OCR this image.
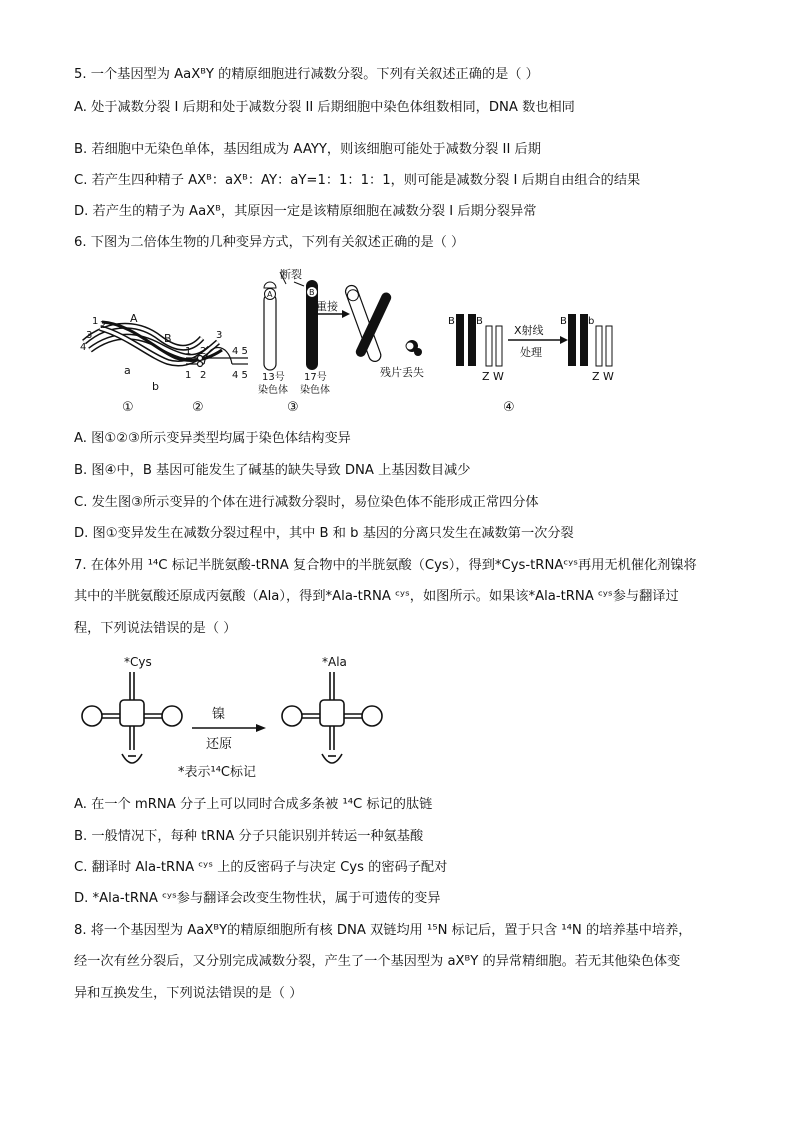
5. 一个基因型为 AaXᴮY 的精原细胞进行减数分裂。下列有关叙述正确的是（ ）
A. 处于减数分裂 I 后期和处于减数分裂 II 后期细胞中染色体组数相同，DNA 数也相同
B. 若细胞中无染色单体，基因组成为 AAYY，则该细胞可能处于减数分裂 II 后期
C. 若产生四种精子 AXᴮ：aXᴮ：AY：aY=1：1：1：1，则可能是减数分裂 I 后期自由组合的结果
D. 若产生的精子为 AaXᴮ，其原因一定是该精原细胞在减数分裂 I 后期分裂异常
6. 下图为二倍体生物的几种变异方式，下列有关叙述正确的是（ ）
1 2
3
4
A
B
a
b
1 2
3
4 5
1 2	4 5
断裂
A	B
重接
13号
染色体
17号
染色体
残片丢失
B B	B b
X射线
处理
Z W	Z W
①	②	③	④
A. 图①②③所示变异类型均属于染色体结构变异
B. 图④中，B 基因可能发生了碱基的缺失导致 DNA 上基因数目减少
C. 发生图③所示变异的个体在进行减数分裂时，易位染色体不能形成正常四分体
D. 图①变异发生在减数分裂过程中，其中 B 和 b 基因的分离只发生在减数第一次分裂
7. 在体外用 ¹⁴C 标记半胱氨酸-tRNA 复合物中的半胱氨酸（Cys），得到*Cys-tRNAᶜʸˢ再用无机催化剂镍将
其中的半胱氨酸还原成丙氨酸（Ala），得到*Ala-tRNA ᶜʸˢ，如图所示。如果该*Ala-tRNA ᶜʸˢ参与翻译过
程，下列说法错误的是（ ）
*Cys
镍
还原
*表示¹⁴C标记
*Ala
A. 在一个 mRNA 分子上可以同时合成多条被 ¹⁴C 标记的肽链
B. 一般情况下，每种 tRNA 分子只能识别并转运一种氨基酸
C. 翻译时 Ala-tRNA ᶜʸˢ 上的反密码子与决定 Cys 的密码子配对
D. *Ala-tRNA ᶜʸˢ参与翻译会改变生物性状，属于可遗传的变异
8. 将一个基因型为 AaXᴮY的精原细胞所有核 DNA 双链均用 ¹⁵N 标记后，置于只含 ¹⁴N 的培养基中培养，
经一次有丝分裂后，又分别完成减数分裂，产生了一个基因型为 aXᴮY 的异常精细胞。若无其他染色体变
异和互换发生，下列说法错误的是（ ）
